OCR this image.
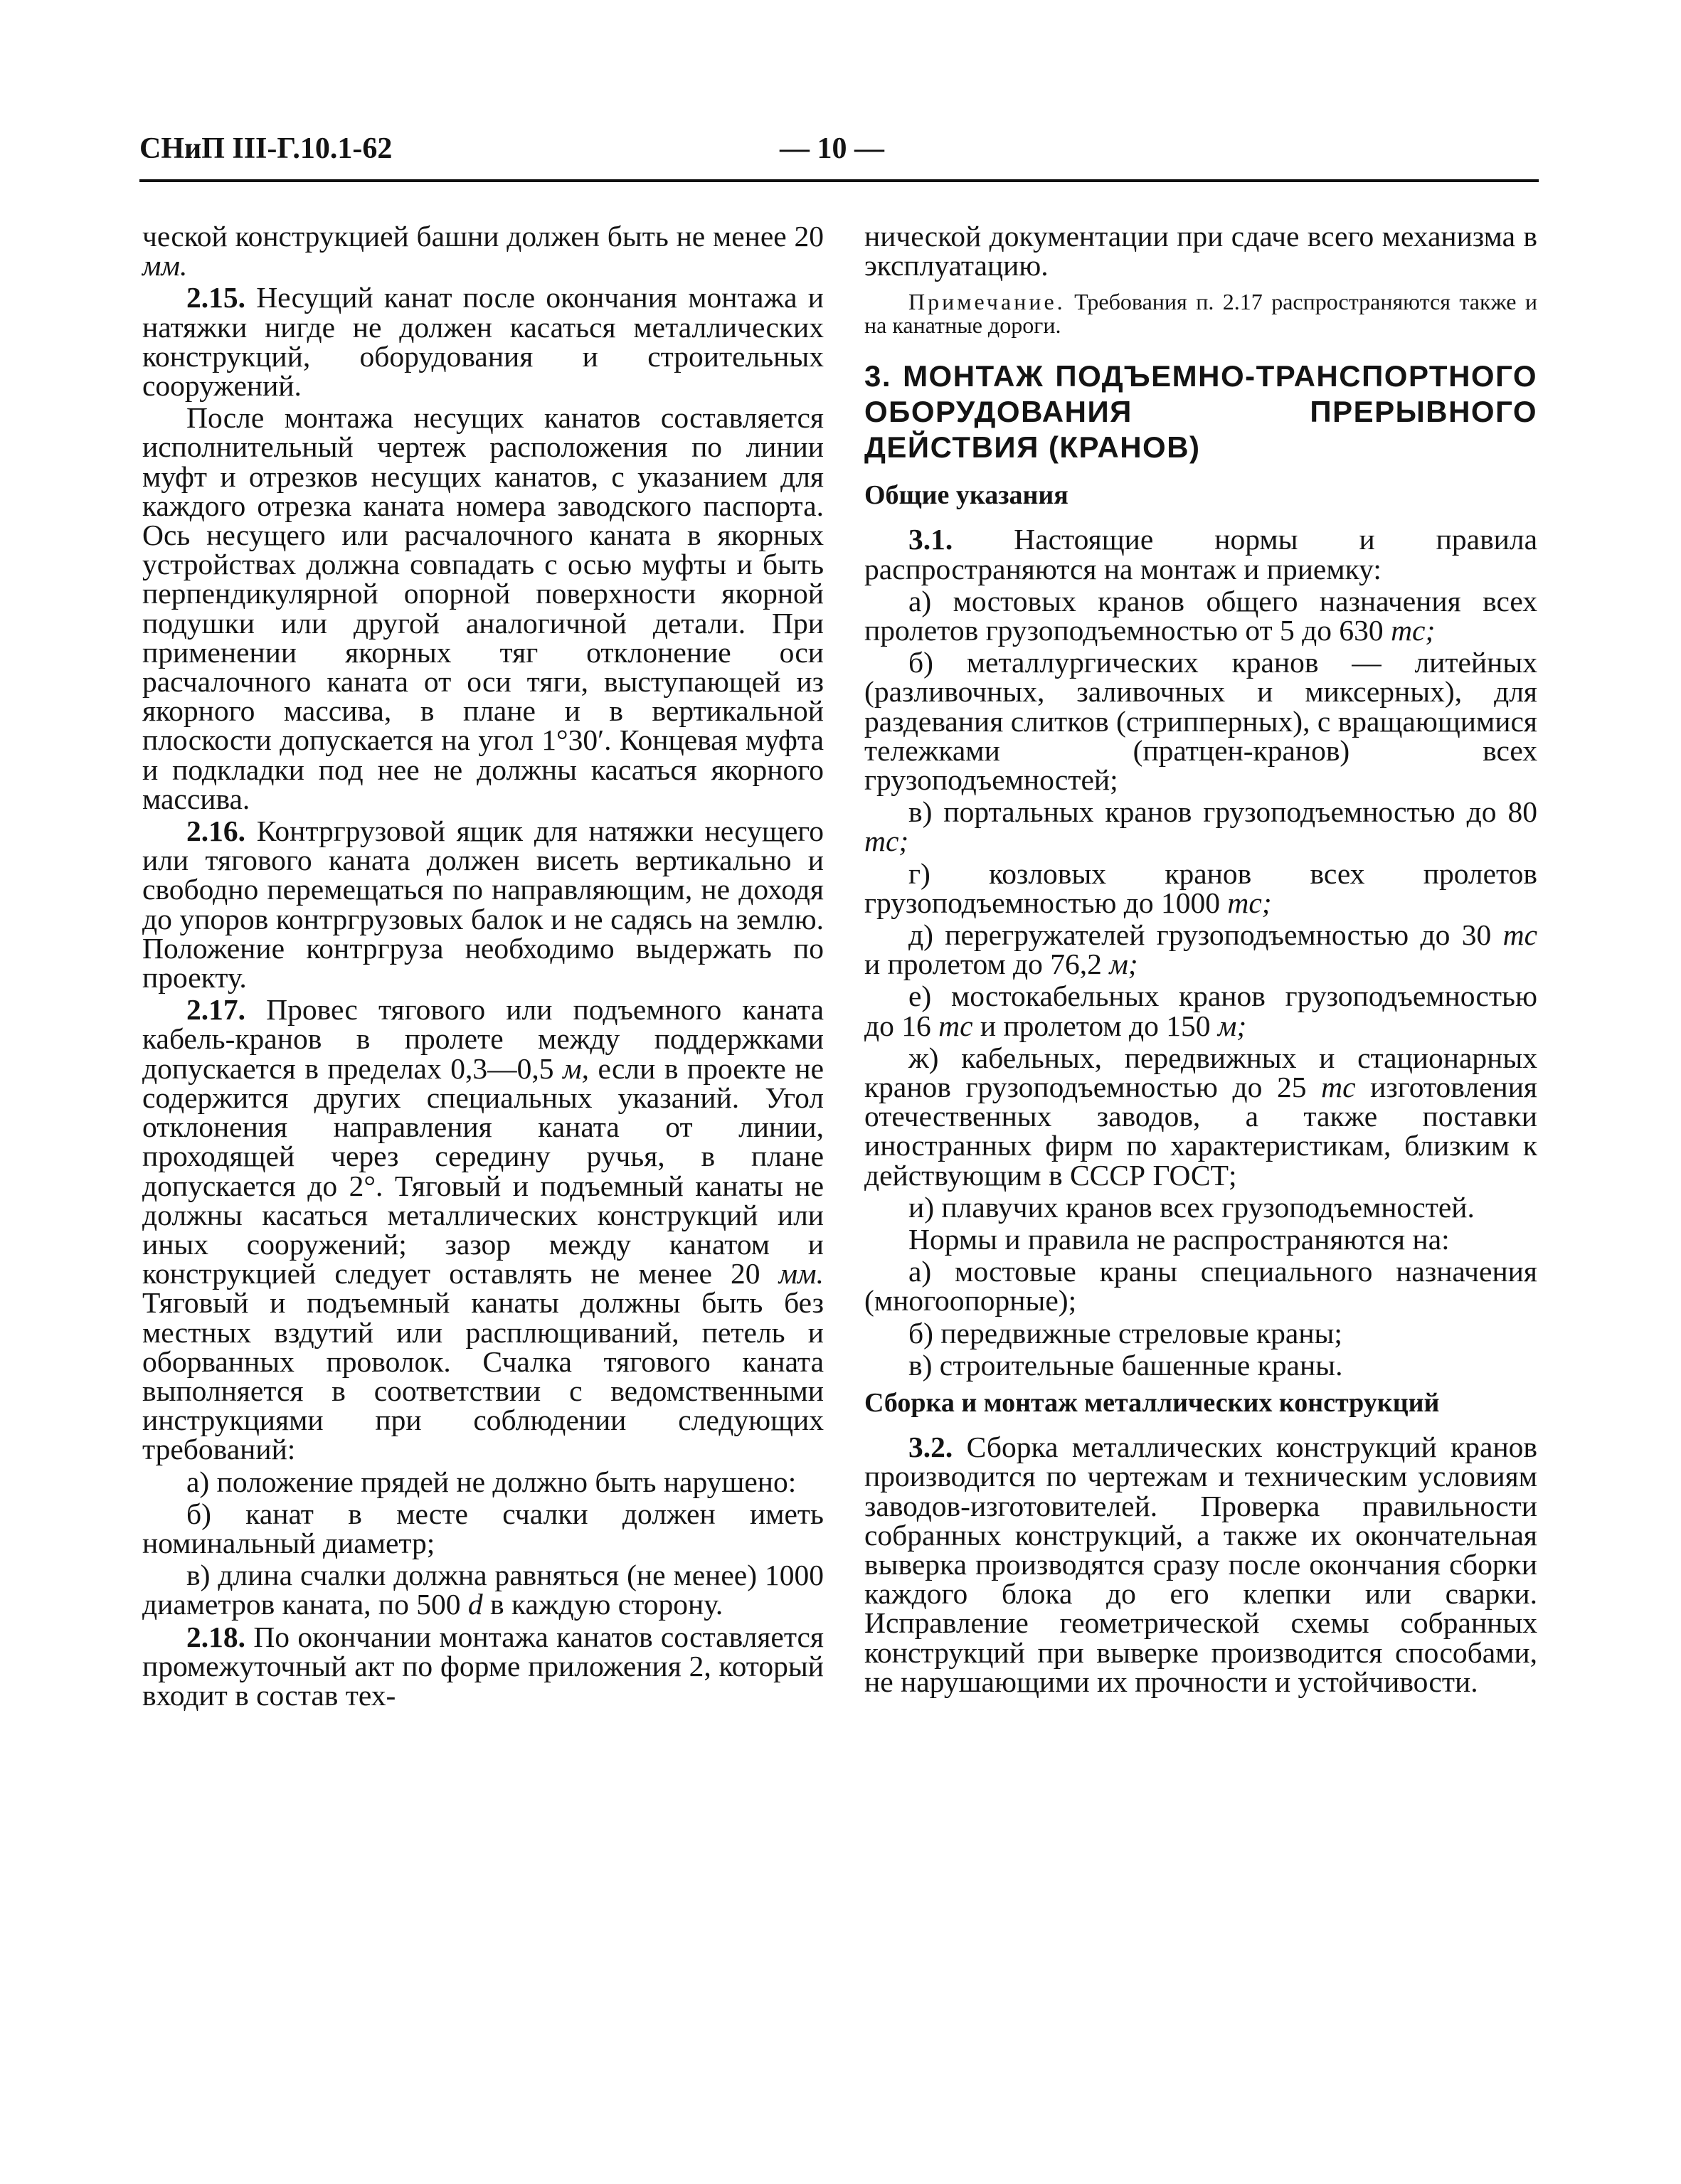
СНиП III-Г.10.1-62	— 10 —

ческой конструкцией башни должен быть не менее 20 мм.

2.15. Несущий канат после окончания монтажа и натяжки нигде не должен касаться металлических конструкций, оборудования и строительных сооружений.

После монтажа несущих канатов составляется исполнительный чертеж расположения по линии муфт и отрезков несущих канатов, с указанием для каждого отрезка каната номера заводского паспорта. Ось несущего или расчалочного каната в якорных устройствах должна совпадать с осью муфты и быть перпендикулярной опорной поверхности якорной подушки или другой аналогичной детали. При применении якорных тяг отклонение оси расчалочного каната от оси тяги, выступающей из якорного массива, в плане и в вертикальной плоскости допускается на угол 1°30′. Концевая муфта и подкладки под нее не должны касаться якорного массива.

2.16. Контргрузовой ящик для натяжки несущего или тягового каната должен висеть вертикально и свободно перемещаться по направляющим, не доходя до упоров контргрузовых балок и не садясь на землю. Положение контргруза необходимо выдержать по проекту.

2.17. Провес тягового или подъемного каната кабель-кранов в пролете между поддержками допускается в пределах 0,3—0,5 м, если в проекте не содержится других специальных указаний. Угол отклонения направления каната от линии, проходящей через середину ручья, в плане допускается до 2°. Тяговый и подъемный канаты не должны касаться металлических конструкций или иных сооружений; зазор между канатом и конструкцией следует оставлять не менее 20 мм. Тяговый и подъемный канаты должны быть без местных вздутий или расплющиваний, петель и оборванных проволок. Счалка тягового каната выполняется в соответствии с ведомственными инструкциями при соблюдении следующих требований:

а) положение прядей не должно быть нарушено:

б) канат в месте счалки должен иметь номинальный диаметр;

в) длина счалки должна равняться (не менее) 1000 диаметров каната, по 500 d в каждую сторону.

2.18. По окончании монтажа канатов составляется промежуточный акт по форме приложения 2, который входит в состав тех-

нической документации при сдаче всего механизма в эксплуатацию.

Примечание. Требования п. 2.17 распространяются также и на канатные дороги.

3. МОНТАЖ ПОДЪЕМНО-ТРАНСПОРТНОГО ОБОРУДОВАНИЯ ПРЕРЫВНОГО ДЕЙСТВИЯ (КРАНОВ)

Общие указания

3.1. Настоящие нормы и правила распространяются на монтаж и приемку:

а) мостовых кранов общего назначения всех пролетов грузоподъемностью от 5 до 630 тс;

б) металлургических кранов — литейных (разливочных, заливочных и миксерных), для раздевания слитков (стрипперных), с вращающимися тележками (пратцен-кранов) всех грузоподъемностей;

в) портальных кранов грузоподъемностью до 80 тс;

г) козловых кранов всех пролетов грузоподъемностью до 1000 тс;

д) перегружателей грузоподъемностью до 30 тс и пролетом до 76,2 м;

е) мостокабельных кранов грузоподъемностью до 16 тс и пролетом до 150 м;

ж) кабельных, передвижных и стационарных кранов грузоподъемностью до 25 тс изготовления отечественных заводов, а также поставки иностранных фирм по характеристикам, близким к действующим в СССР ГОСТ;

и) плавучих кранов всех грузоподъемностей.

Нормы и правила не распространяются на:

а) мостовые краны специального назначения (многоопорные);

б) передвижные стреловые краны;

в) строительные башенные краны.

Сборка и монтаж металлических конструкций

3.2. Сборка металлических конструкций кранов производится по чертежам и техническим условиям заводов-изготовителей. Проверка правильности собранных конструкций, а также их окончательная выверка производятся сразу после окончания сборки каждого блока до его клепки или сварки. Исправление геометрической схемы собранных конструкций при выверке производится способами, не нарушающими их прочности и устойчивости.
